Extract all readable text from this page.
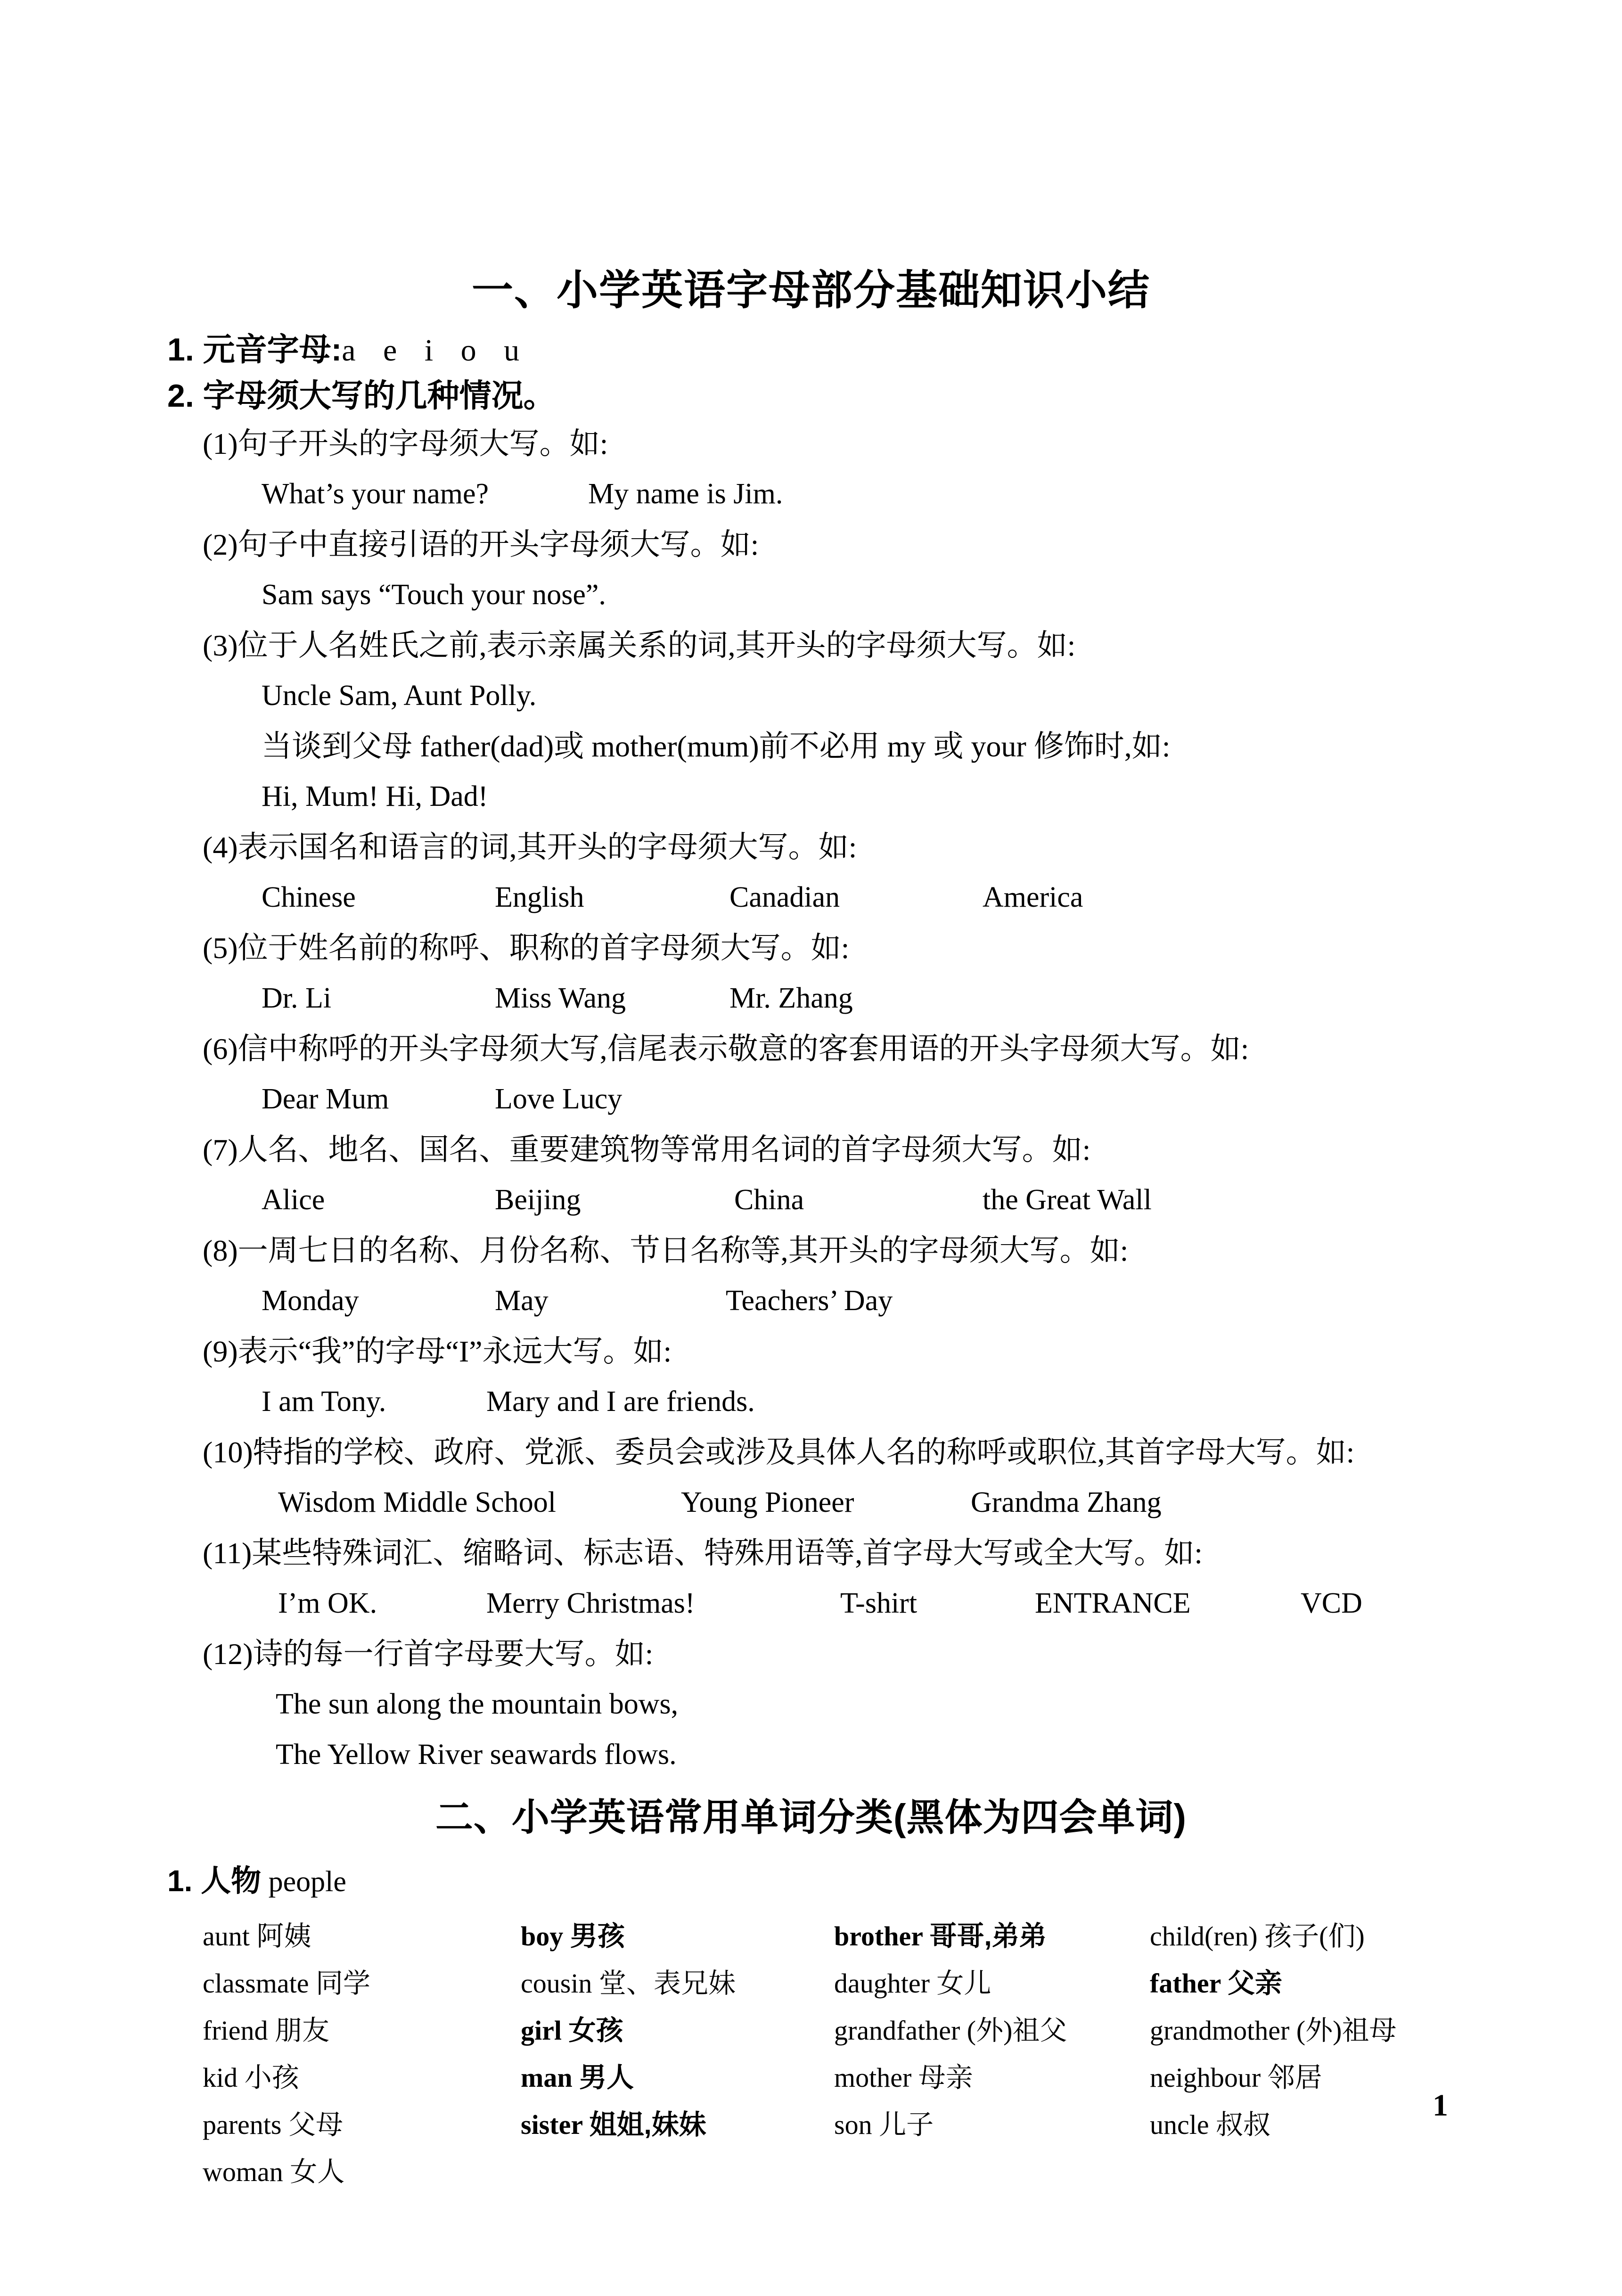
一、小学英语字母部分基础知识小结
1. 元音字母:a e i o u
2. 字母须大写的几种情况。
(1)句子开头的字母须大写。如:
What’s your name?	My name is Jim.
(2)句子中直接引语的开头字母须大写。如:
Sam says “Touch your nose”.
(3)位于人名姓氏之前,表示亲属关系的词,其开头的字母须大写。如:
Uncle Sam, Aunt Polly.
当谈到父母 father(dad)或 mother(mum)前不必用 my 或 your 修饰时,如:
Hi, Mum! Hi, Dad!
(4)表示国名和语言的词,其开头的字母须大写。如:
Chinese	English	Canadian	America
(5)位于姓名前的称呼、职称的首字母须大写。如:
Dr. Li	Miss Wang	Mr. Zhang
(6)信中称呼的开头字母须大写,信尾表示敬意的客套用语的开头字母须大写。如:
Dear Mum	Love Lucy
(7)人名、地名、国名、重要建筑物等常用名词的首字母须大写。如:
Alice	Beijing	China	the Great Wall
(8)一周七日的名称、月份名称、节日名称等,其开头的字母须大写。如:
Monday	May	Teachers’ Day
(9)表示“我”的字母“I”永远大写。如:
I am Tony.	Mary and I are friends.
(10)特指的学校、政府、党派、委员会或涉及具体人名的称呼或职位,其首字母大写。如:
Wisdom Middle School	Young Pioneer	Grandma Zhang
(11)某些特殊词汇、缩略词、标志语、特殊用语等,首字母大写或全大写。如:
I’m OK.	Merry Christmas!	T-shirt	ENTRANCE	VCD
(12)诗的每一行首字母要大写。如:
The sun along the mountain bows,
The Yellow River seawards flows.
二、小学英语常用单词分类(黑体为四会单词)
1. 人物 people
aunt 阿姨	boy 男孩	brother 哥哥,弟弟	child(ren) 孩子(们)
classmate 同学	cousin 堂、表兄妹	daughter 女儿	father 父亲
friend 朋友	girl 女孩	grandfather (外)祖父	grandmother (外)祖母
kid 小孩	man 男人	mother 母亲	neighbour 邻居
parents 父母	sister 姐姐,妹妹	son 儿子	uncle 叔叔
woman 女人
1
